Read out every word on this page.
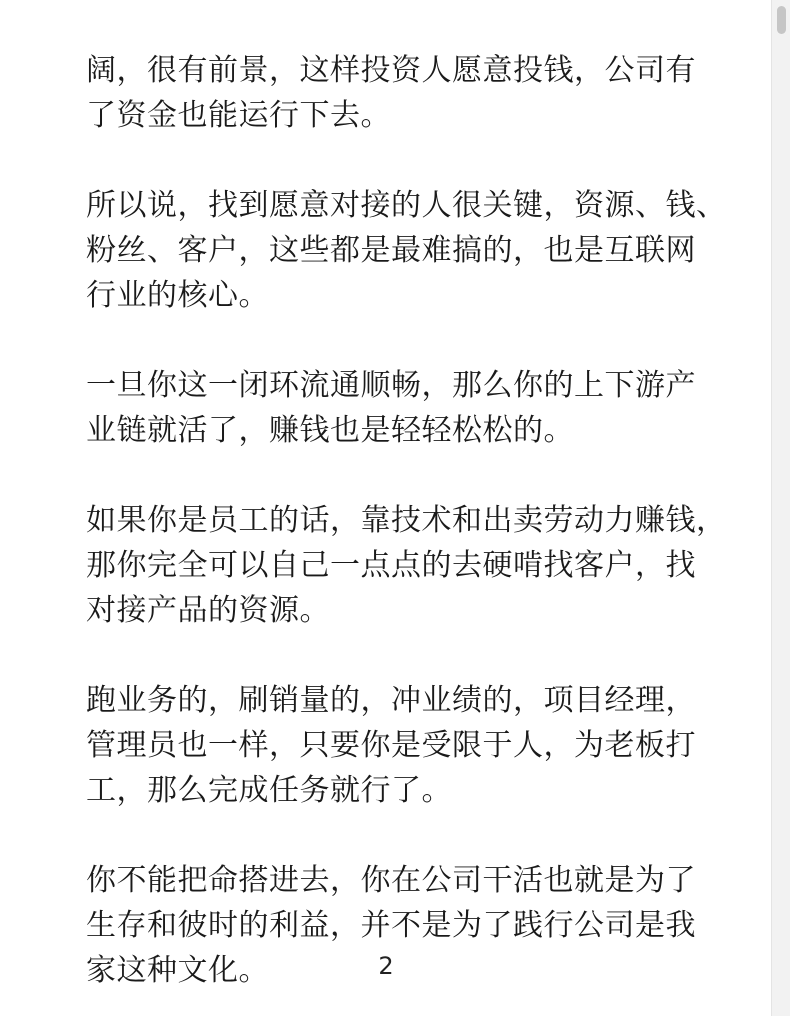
阔，很有前景，这样投资人愿意投钱，公司有
了资金也能运行下去。

所以说，找到愿意对接的人很关键，资源、钱、
粉丝、客户，这些都是最难搞的，也是互联网
行业的核心。

一旦你这一闭环流通顺畅，那么你的上下游产
业链就活了，赚钱也是轻轻松松的。

如果你是员工的话，靠技术和出卖劳动力赚钱，
那你完全可以自己一点点的去硬啃找客户，找
对接产品的资源。

跑业务的，刷销量的，冲业绩的，项目经理，
管理员也一样，只要你是受限于人，为老板打
工，那么完成任务就行了。

你不能把命搭进去，你在公司干活也就是为了
生存和彼时的利益，并不是为了践行公司是我
家这种文化。	2
